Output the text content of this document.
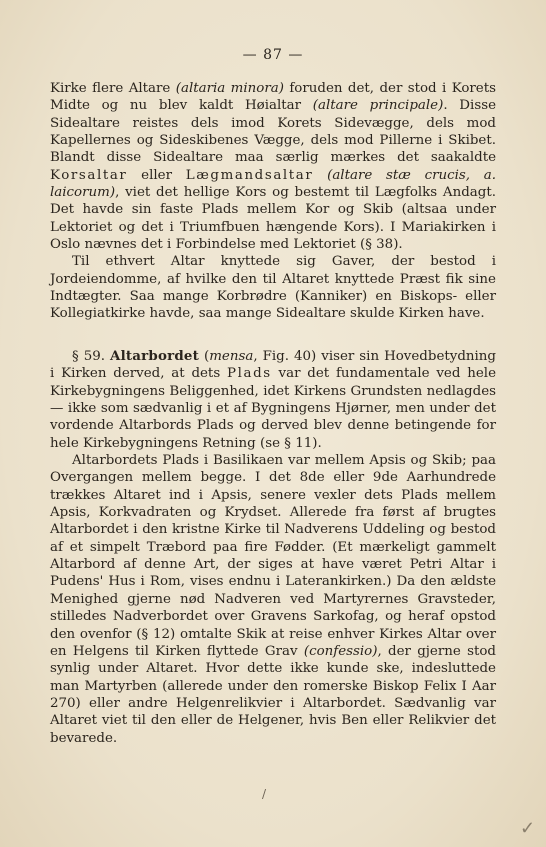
— 87 —

Kirke flere Altare (altaria minora) foruden det, der stod i Korets Midte og nu blev kaldt Høialtar (altare principale). Disse Sidealtare reistes dels imod Korets Sidevægge, dels mod Kapellernes og Sideskibenes Vægge, dels mod Pillerne i Skibet. Blandt disse Sidealtare maa særlig mærkes det saakaldte Korsaltar eller Lægmandsaltar (altare stæ crucis, a. laicorum), viet det hellige Kors og bestemt til Lægfolks Andagt. Det havde sin faste Plads mellem Kor og Skib (altsaa under Lektoriet og det i Triumfbuen hængende Kors). I Mariakirken i Oslo nævnes det i Forbindelse med Lektoriet (§ 38).

Til ethvert Altar knyttede sig Gaver, der bestod i Jordeiendomme, af hvilke den til Altaret knyttede Præst fik sine Indtægter. Saa mange Korbrødre (Kanniker) en Biskops- eller Kollegiatkirke havde, saa mange Sidealtare skulde Kirken have.

§ 59. Altarbordet (mensa, Fig. 40) viser sin Hovedbetydning i Kirken derved, at dets Plads var det fundamentale ved hele Kirkebygningens Beliggenhed, idet Kirkens Grundsten nedlagdes — ikke som sædvanlig i et af Bygningens Hjørner, men under det vordende Altarbords Plads og derved blev denne betingende for hele Kirkebygningens Retning (se § 11).

Altarbordets Plads i Basilikaen var mellem Apsis og Skib; paa Overgangen mellem begge. I det 8de eller 9de Aarhundrede trækkes Altaret ind i Apsis, senere vexler dets Plads mellem Apsis, Korkvadraten og Krydset. Allerede fra først af brugtes Altarbordet i den kristne Kirke til Nadverens Uddeling og bestod af et simpelt Træbord paa fire Fødder. (Et mærkeligt gammelt Altarbord af denne Art, der siges at have været Petri Altar i Pudens' Hus i Rom, vises endnu i Laterankirken.) Da den ældste Menighed gjerne nød Nadveren ved Martyrernes Gravsteder, stilledes Nadverbordet over Gravens Sarkofag, og heraf opstod den ovenfor (§ 12) omtalte Skik at reise enhver Kirkes Altar over en Helgens til Kirken flyttede Grav (confessio), der gjerne stod synlig under Altaret. Hvor dette ikke kunde ske, indesluttede man Martyrben (allerede under den romerske Biskop Felix I Aar 270) eller andre Helgenrelikvier i Altarbordet. Sædvanlig var Altaret viet til den eller de Helgener, hvis Ben eller Relikvier det bevarede.

/
✓
